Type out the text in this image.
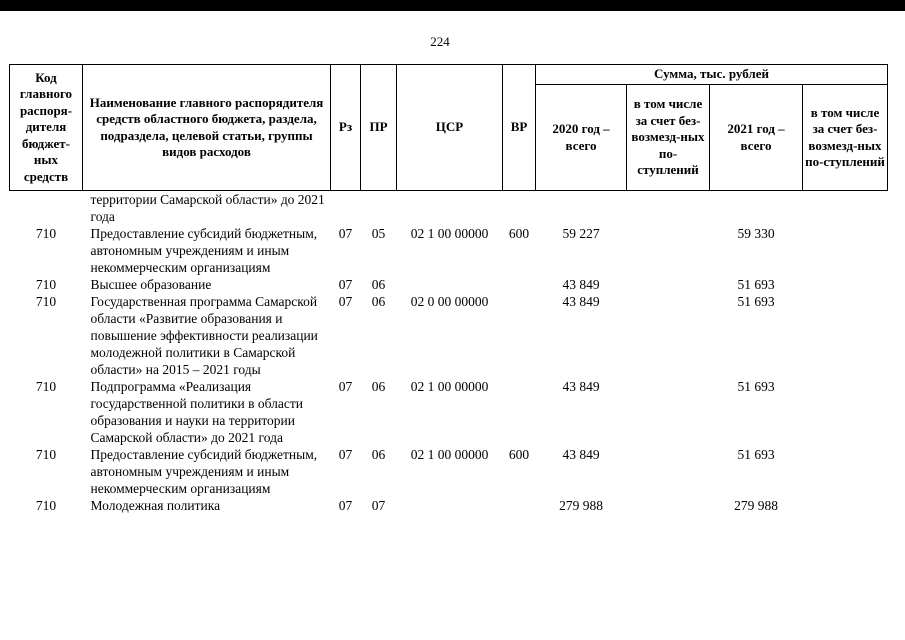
224
Код главного распоря-дителя бюджет-ных средств	Наименование главного распорядителя средств областного бюджета, раздела, подраздела, целевой статьи, группы видов расходов	Рз	ПР	ЦСР	ВР	Сумма, тыс. рублей			
						2020 год – всего	в том числе за счет без-возмезд-ных по-ступлений	2021 год – всего	в том числе за счет без-возмезд-ных по-ступлений
	территории Самарской области» до 2021 года								
710	Предоставление субсидий бюджетным, автономным учреждениям и иным некоммерческим организациям	07	05	02 1 00 00000	600	59 227		59 330	
710	Высшее образование	07	06			43 849		51 693	
710	Государственная программа Самарской области «Развитие образования и повышение эффективности реализации молодежной политики в Самарской области» на 2015 – 2021 годы	07	06	02 0 00 00000		43 849		51 693	
710	Подпрограмма «Реализация государственной политики в области образования и науки на территории Самарской области» до 2021 года	07	06	02 1 00 00000		43 849		51 693	
710	Предоставление субсидий бюджетным, автономным учреждениям и иным некоммерческим организациям	07	06	02 1 00 00000	600	43 849		51 693	
710	Молодежная политика	07	07			279 988		279 988	
